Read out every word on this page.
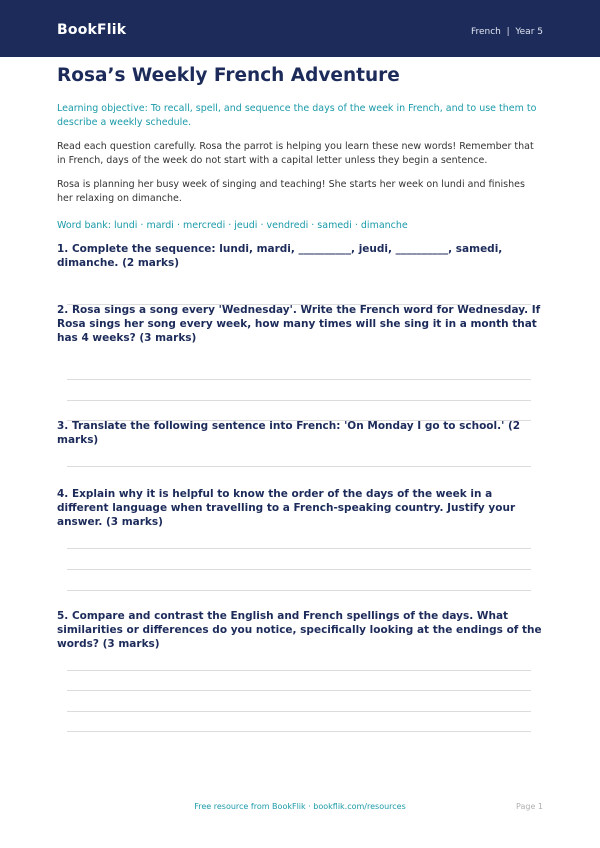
BookFlik	French  |  Year 5
Rosa’s Weekly French Adventure

Learning objective: To recall, spell, and sequence the days of the week in French, and to use them to describe a weekly schedule.

Read each question carefully. Rosa the parrot is helping you learn these new words! Remember that in French, days of the week do not start with a capital letter unless they begin a sentence.

Rosa is planning her busy week of singing and teaching! She starts her week on lundi and finishes her relaxing on dimanche.

Word bank: lundi · mardi · mercredi · jeudi · vendredi · samedi · dimanche

1. Complete the sequence: lundi, mardi, __________, jeudi, __________, samedi, dimanche. (2 marks)
2. Rosa sings a song every 'Wednesday'. Write the French word for Wednesday. If Rosa sings her song every week, how many times will she sing it in a month that has 4 weeks? (3 marks)
3. Translate the following sentence into French: 'On Monday I go to school.' (2 marks)
4. Explain why it is helpful to know the order of the days of the week in a different language when travelling to a French-speaking country. Justify your answer. (3 marks)
5. Compare and contrast the English and French spellings of the days. What similarities or differences do you notice, specifically looking at the endings of the words? (3 marks)
Free resource from BookFlik · bookflik.com/resources	Page 1
